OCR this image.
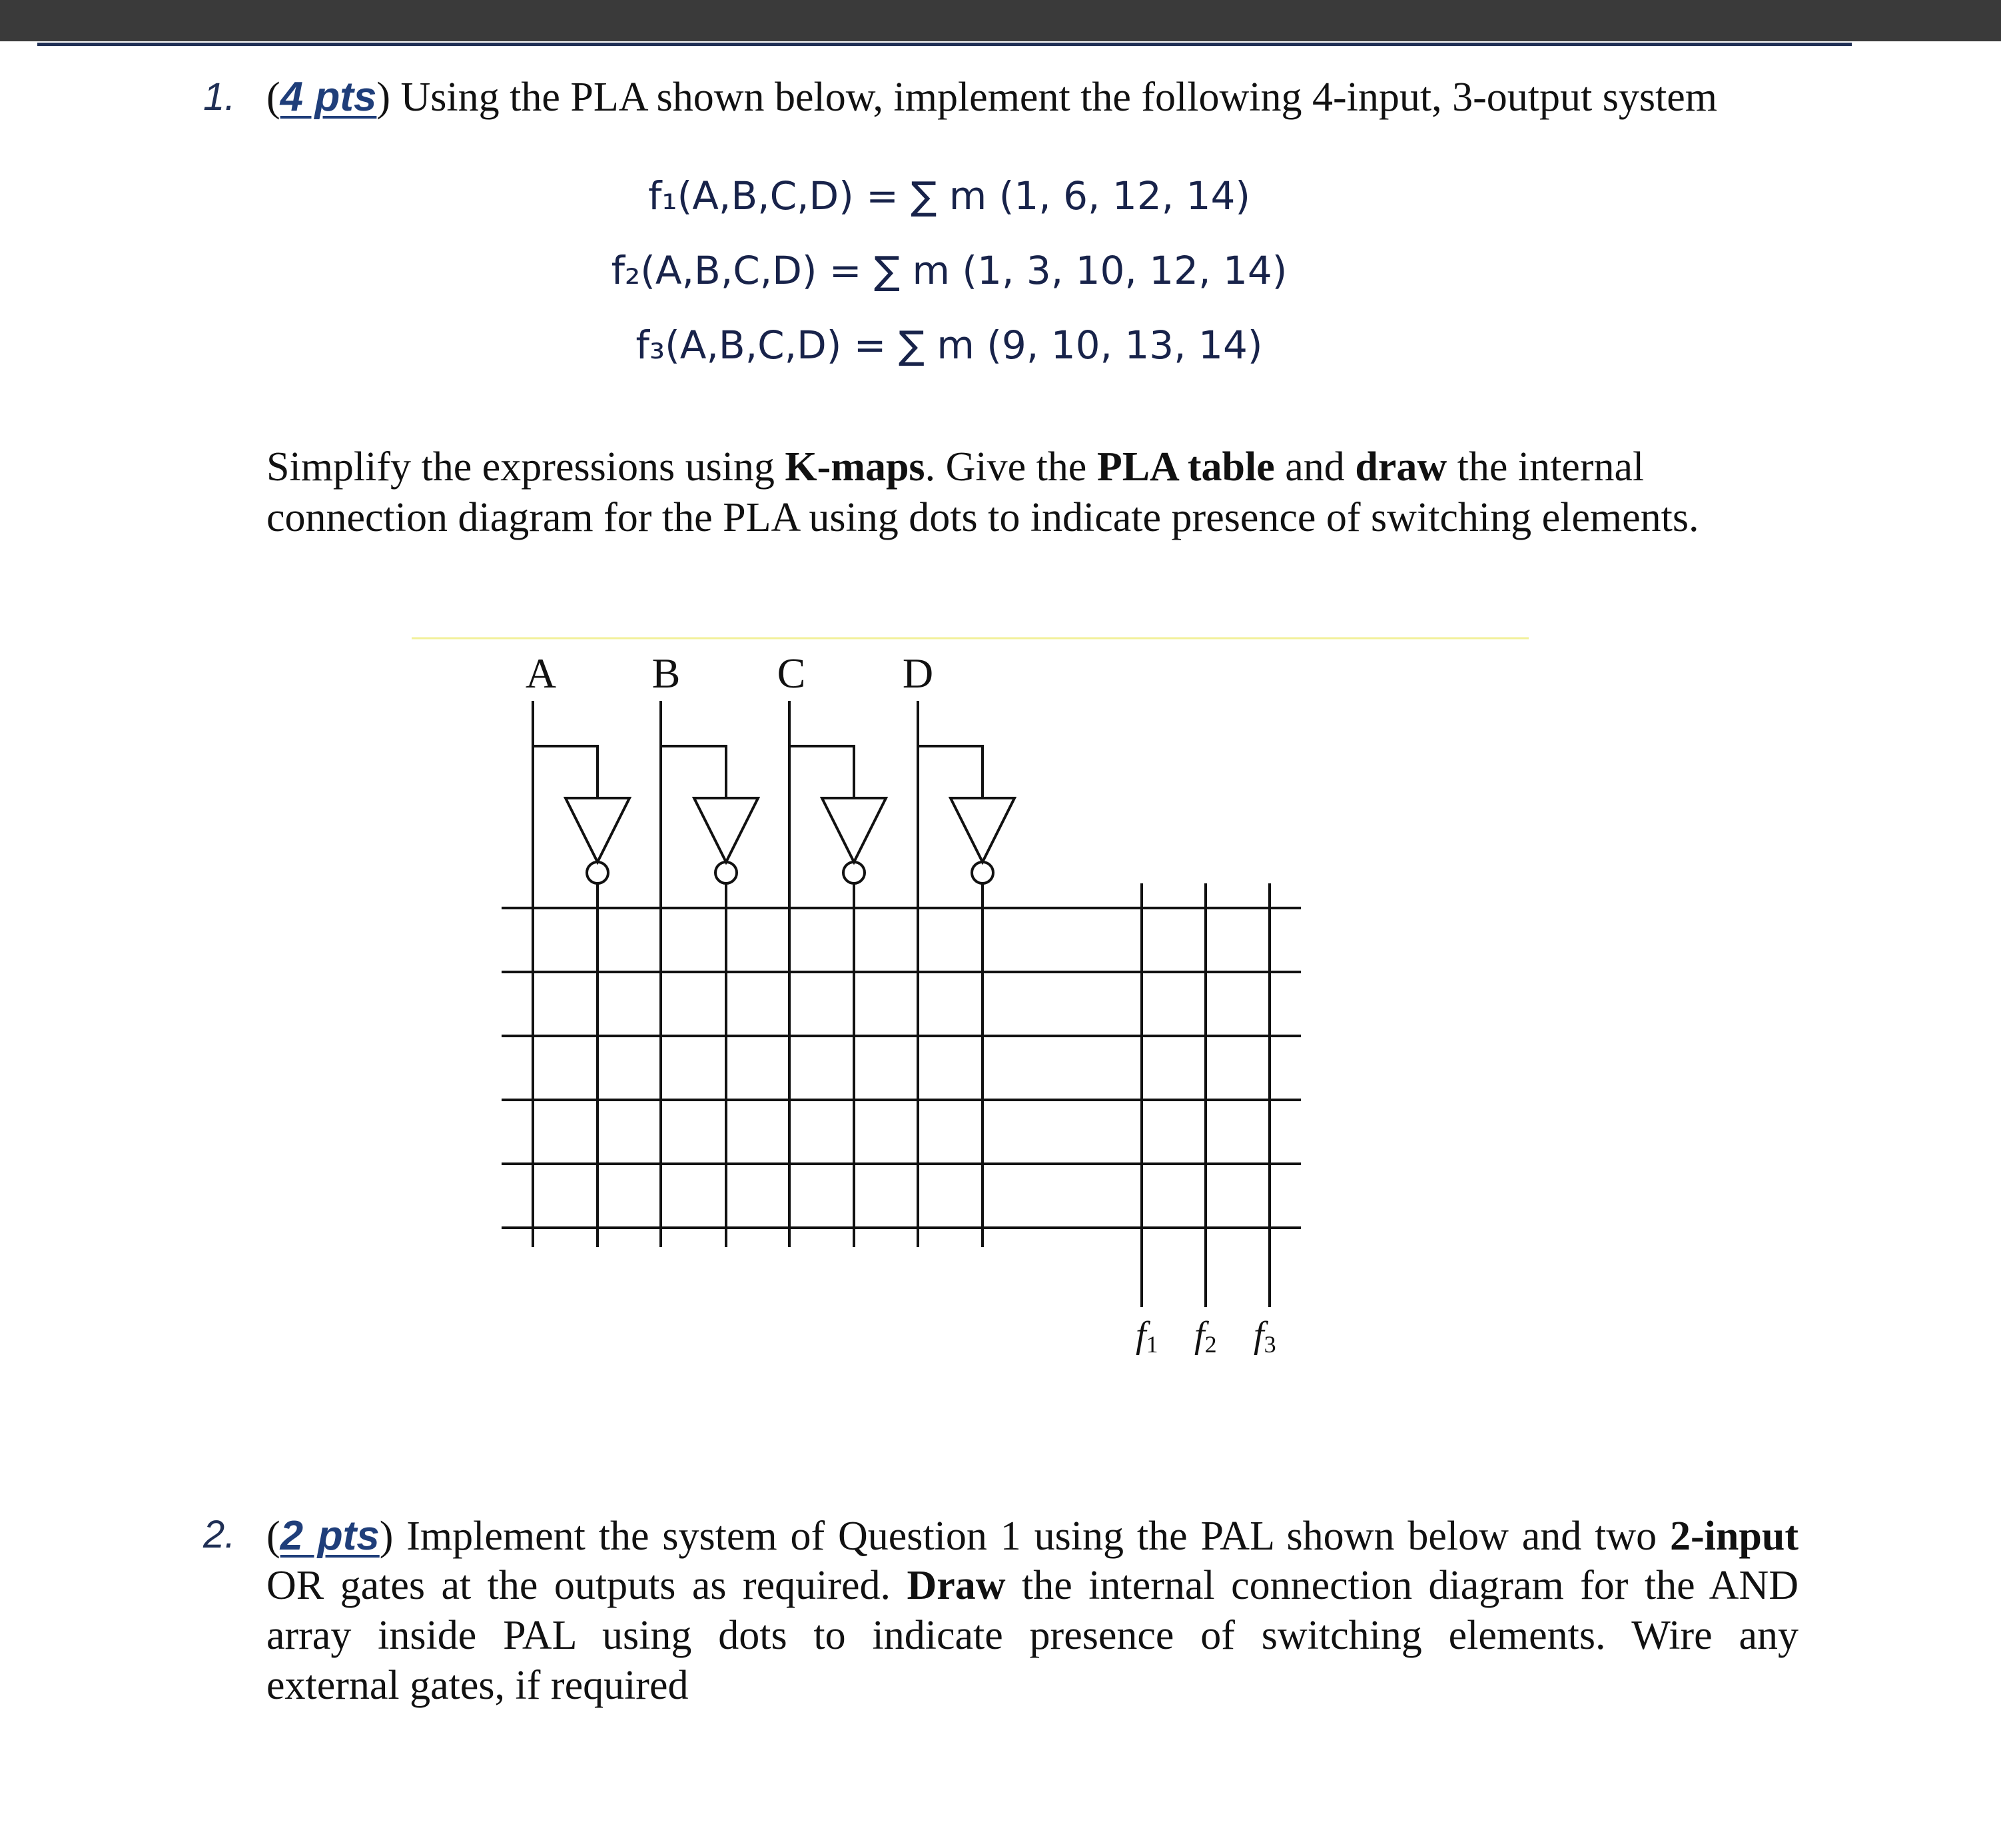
1. (4 pts) Using the PLA shown below, implement the following 4-input, 3-output system
f₁(A,B,C,D) = ∑ m (1, 6, 12, 14)
f₂(A,B,C,D) = ∑ m (1, 3, 10, 12, 14)
f₃(A,B,C,D) = ∑ m (9, 10, 13, 14)
Simplify the expressions using K-maps. Give the PLA table and draw the internal
connection diagram for the PLA using dots to indicate presence of switching elements.
A B C D
f1 f2 f3
2. (2 pts) Implement the system of Question 1 using the PAL shown below and two 2-input
OR gates at the outputs as required. Draw the internal connection diagram for the AND
array inside PAL using dots to indicate presence of switching elements. Wire any
external gates, if required
